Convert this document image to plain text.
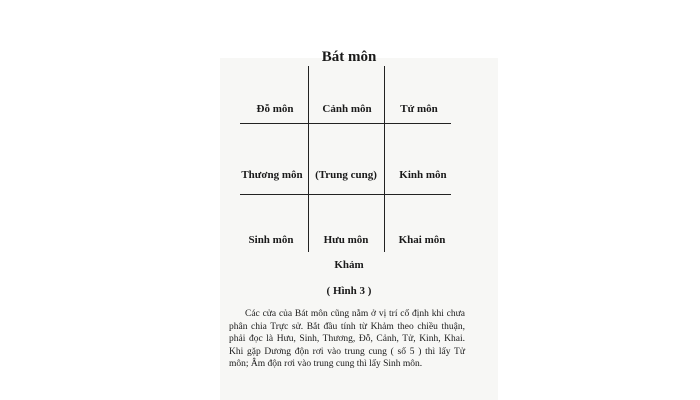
Bát môn
Đỗ môn	Cảnh môn	Tử môn
Thương môn	(Trung cung)	Kinh môn
Sinh môn	Hưu môn	Khai môn
Khảm
( Hình 3 )
Các cửa của Bát môn cũng nằm ở vị trí cố định khi chưa phân chia Trực sử. Bắt đầu tính từ Khảm theo chiều thuận, phải đọc là Hưu, Sinh, Thương, Đỗ, Cảnh, Tử, Kinh, Khai. Khi gặp Dương độn rơi vào trung cung ( số 5 ) thì lấy Tử môn; Âm độn rơi vào trung cung thì lấy Sinh môn.
